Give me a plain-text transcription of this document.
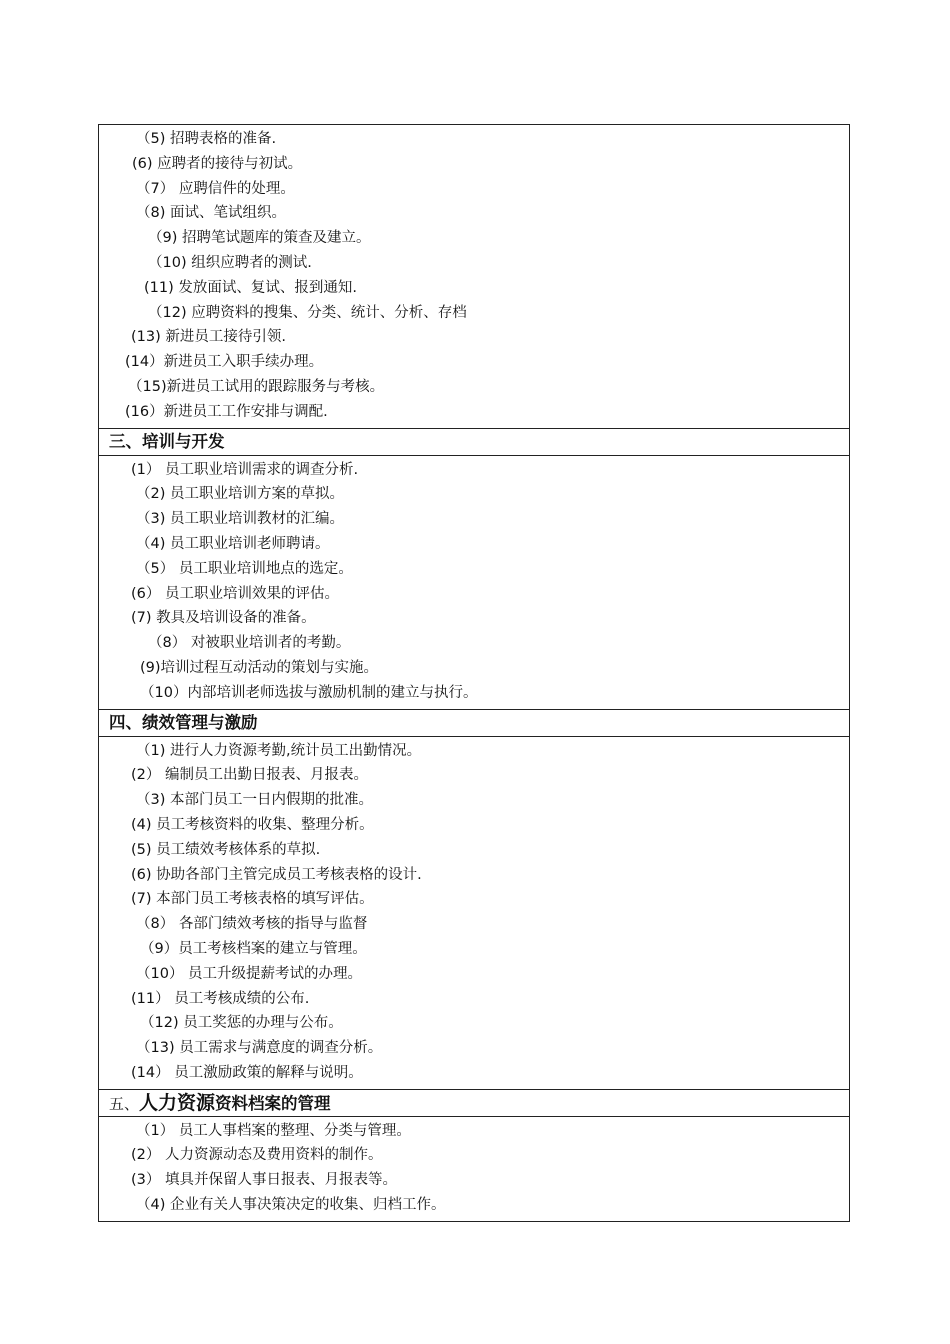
（5) 招聘表格的准备.
(6) 应聘者的接待与初试。
（7） 应聘信件的处理。
（8) 面试、笔试组织。
（9) 招聘笔试题库的策查及建立。
（10) 组织应聘者的测试.
(11) 发放面试、复试、报到通知.
（12) 应聘资料的搜集、分类、统计、分析、存档
(13) 新进员工接待引领.
(14）新进员工入职手续办理。
（15)新进员工试用的跟踪服务与考核。
(16）新进员工工作安排与调配.
三、培训与开发
(1） 员工职业培训需求的调查分析.
（2) 员工职业培训方案的草拟。
（3) 员工职业培训教材的汇编。
（4) 员工职业培训老师聘请。
（5） 员工职业培训地点的选定。
(6） 员工职业培训效果的评估。
(7) 教具及培训设备的准备。
（8） 对被职业培训者的考勤。
(9)培训过程互动活动的策划与实施。
（10）内部培训老师选拔与激励机制的建立与执行。
四、绩效管理与激励
（1) 进行人力资源考勤,统计员工出勤情况。
(2） 编制员工出勤日报表、月报表。
（3) 本部门员工一日内假期的批准。
(4) 员工考核资料的收集、整理分析。
(5) 员工绩效考核体系的草拟.
(6) 协助各部门主管完成员工考核表格的设计.
(7) 本部门员工考核表格的填写评估。
（8） 各部门绩效考核的指导与监督
（9）员工考核档案的建立与管理。
（10） 员工升级提薪考试的办理。
(11） 员工考核成绩的公布.
（12) 员工奖惩的办理与公布。
（13) 员工需求与满意度的调查分析。
(14） 员工激励政策的解释与说明。
五、人力资源资料档案的管理
（1） 员工人事档案的整理、分类与管理。
(2） 人力资源动态及费用资料的制作。
(3） 填具并保留人事日报表、月报表等。
（4) 企业有关人事决策决定的收集、归档工作。
